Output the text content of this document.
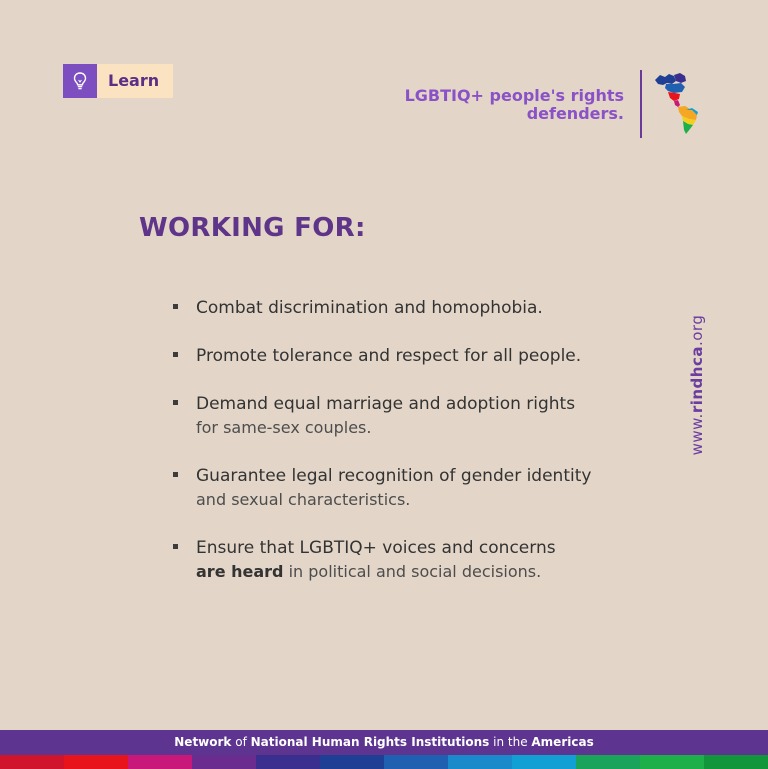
Learn
LGBTIQ+ people's rights
defenders.
WORKING FOR:
Combat discrimination and homophobia.
Promote tolerance and respect for all people.
Demand equal marriage and adoption rights
for same-sex couples.
Guarantee legal recognition of gender identity
and sexual characteristics.
Ensure that LGBTIQ+ voices and concerns
are heard in political and social decisions.
www.rindhca.org
Network of National Human Rights Institutions in the Americas
